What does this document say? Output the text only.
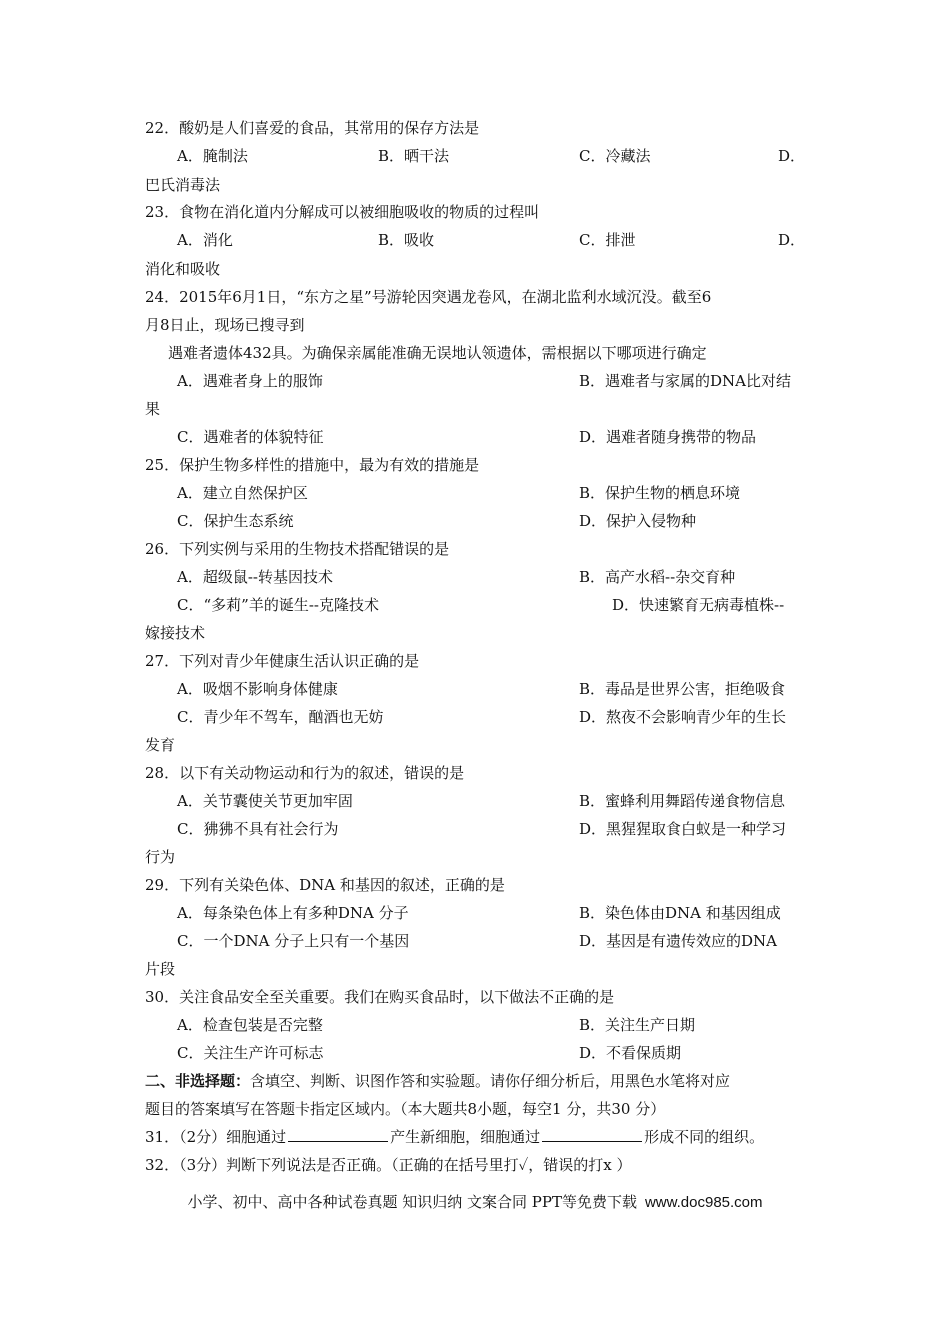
22．酸奶是人们喜爱的食品，其常用的保存方法是
A．腌制法	B．晒干法	C．冷藏法	D．
巴氏消毒法
23．食物在消化道内分解成可以被细胞吸收的物质的过程叫
A．消化	B．吸收	C．排泄	D．
消化和吸收
24．2015年6月1日，“东方之星”号游轮因突遇龙卷风，在湖北监利水域沉没。截至6
月8日止，现场已搜寻到
遇难者遗体432具。为确保亲属能准确无误地认领遗体，需根据以下哪项进行确定
A．遇难者身上的服饰	B．遇难者与家属的DNA比对结
果
C．遇难者的体貌特征	D．遇难者随身携带的物品
25．保护生物多样性的措施中，最为有效的措施是
A．建立自然保护区	B．保护生物的栖息环境
C．保护生态系统	D．保护入侵物种
26．下列实例与采用的生物技术搭配错误的是
A．超级鼠--转基因技术	B．高产水稻--杂交育种
C．“多莉”羊的诞生--克隆技术	D．快速繁育无病毒植株--
嫁接技术
27．下列对青少年健康生活认识正确的是
A．吸烟不影响身体健康	B．毒品是世界公害，拒绝吸食
C．青少年不驾车，酗酒也无妨	D．熬夜不会影响青少年的生长
发育
28．以下有关动物运动和行为的叙述，错误的是
A．关节囊使关节更加牢固	B．蜜蜂利用舞蹈传递食物信息
C．狒狒不具有社会行为	D．黑猩猩取食白蚁是一种学习
行为
29．下列有关染色体、DNA 和基因的叙述，正确的是
A．每条染色体上有多种DNA 分子	B．染色体由DNA 和基因组成
C．一个DNA 分子上只有一个基因	D．基因是有遗传效应的DNA
片段
30．关注食品安全至关重要。我们在购买食品时，以下做法不正确的是
A．检查包装是否完整	B．关注生产日期
C．关注生产许可标志	D．不看保质期
二、非选择题：含填空、判断、识图作答和实验题。请你仔细分析后，用黑色水笔将对应
题目的答案填写在答题卡指定区域内。（本大题共8小题，每空1 分，共30 分）
31．（2分）细胞通过	产生新细胞，细胞通过	形成不同的组织。
32．（3分）判断下列说法是否正确。（正确的在括号里打✓，错误的打x ）
小学、初中、高中各种试卷真题 知识归纳 文案合同 PPT等免费下载 www.doc985.com
